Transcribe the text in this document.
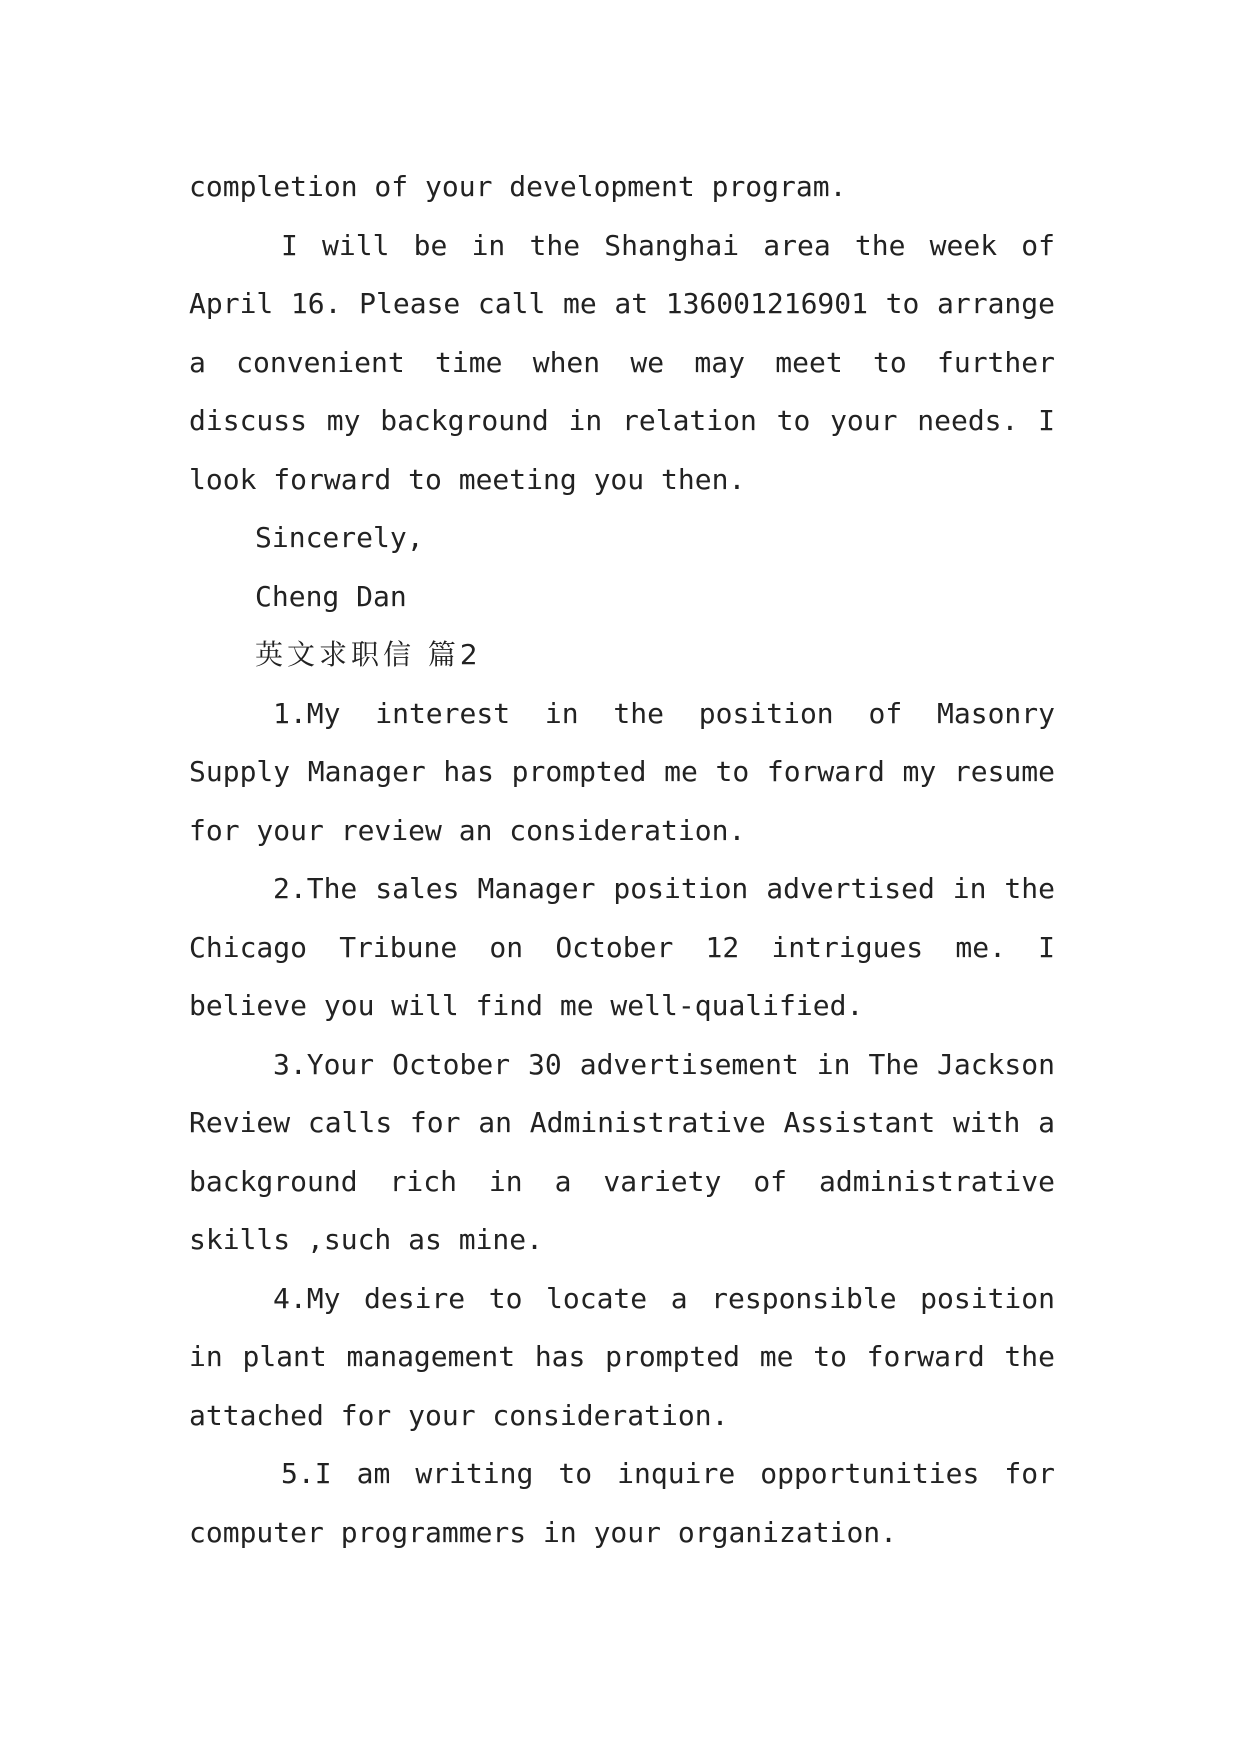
completion of your development program.

I will be in the Shanghai area the week of April 16. Please call me at 136001216901 to arrange a convenient time when we may meet to further discuss my background in relation to your needs. I look forward to meeting you then.

Sincerely,

Cheng Dan

英文求职信 篇2

1.My interest in the position of Masonry Supply Manager has prompted me to forward my resume for your review an consideration.

2.The sales Manager position advertised in the Chicago Tribune on October 12 intrigues me. I believe you will find me well-qualified.

3.Your October 30 advertisement in The Jackson Review calls for an Administrative Assistant with a background rich in a variety of administrative skills ,such as mine.

4.My desire to locate a responsible position in plant management has prompted me to forward the attached for your consideration.

5.I am writing to inquire opportunities for computer programmers in your organization.
